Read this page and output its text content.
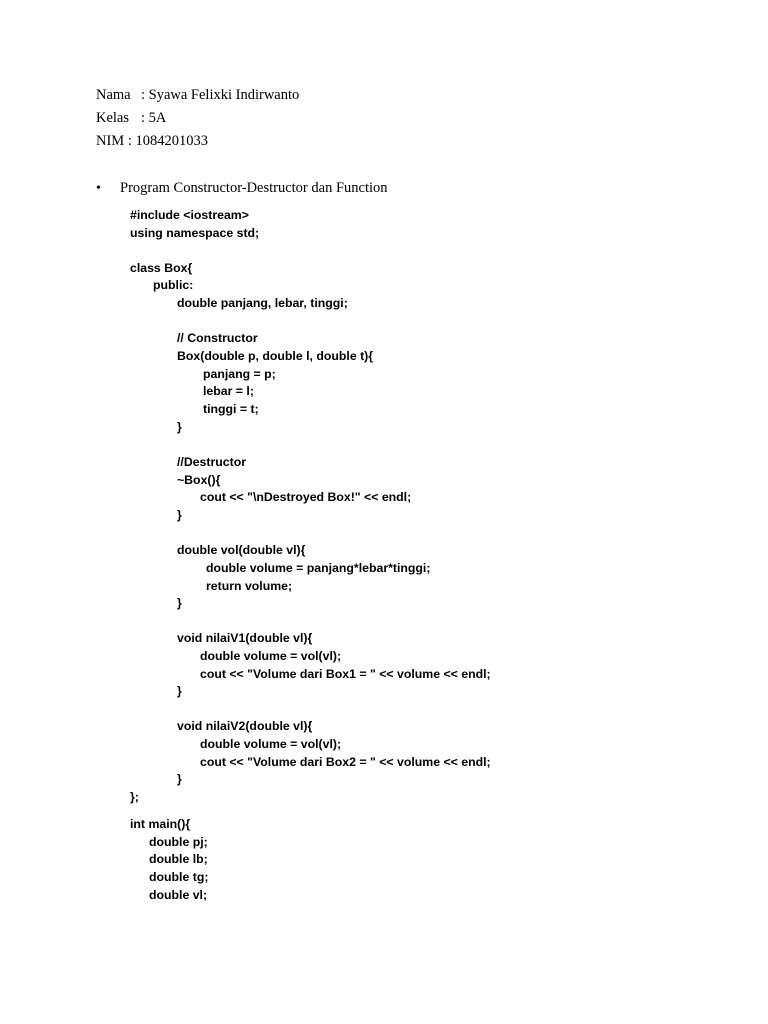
Nama : Syawa Felixki Indirwanto
Kelas : 5A
NIM : 1084201033
• Program Constructor-Destructor dan Function
#include <iostream>
using namespace std;
class Box{
public:
double panjang, lebar, tinggi;
// Constructor
Box(double p, double l, double t){
panjang = p;
lebar = l;
tinggi = t;
}
//Destructor
~Box(){
cout << "\nDestroyed Box!" << endl;
}
double vol(double vl){
double volume = panjang*lebar*tinggi;
return volume;
}
void nilaiV1(double vl){
double volume = vol(vl);
cout << "Volume dari Box1 = " << volume << endl;
}
void nilaiV2(double vl){
double volume = vol(vl);
cout << "Volume dari Box2 = " << volume << endl;
}
};
int main(){
double pj;
double lb;
double tg;
double vl;
